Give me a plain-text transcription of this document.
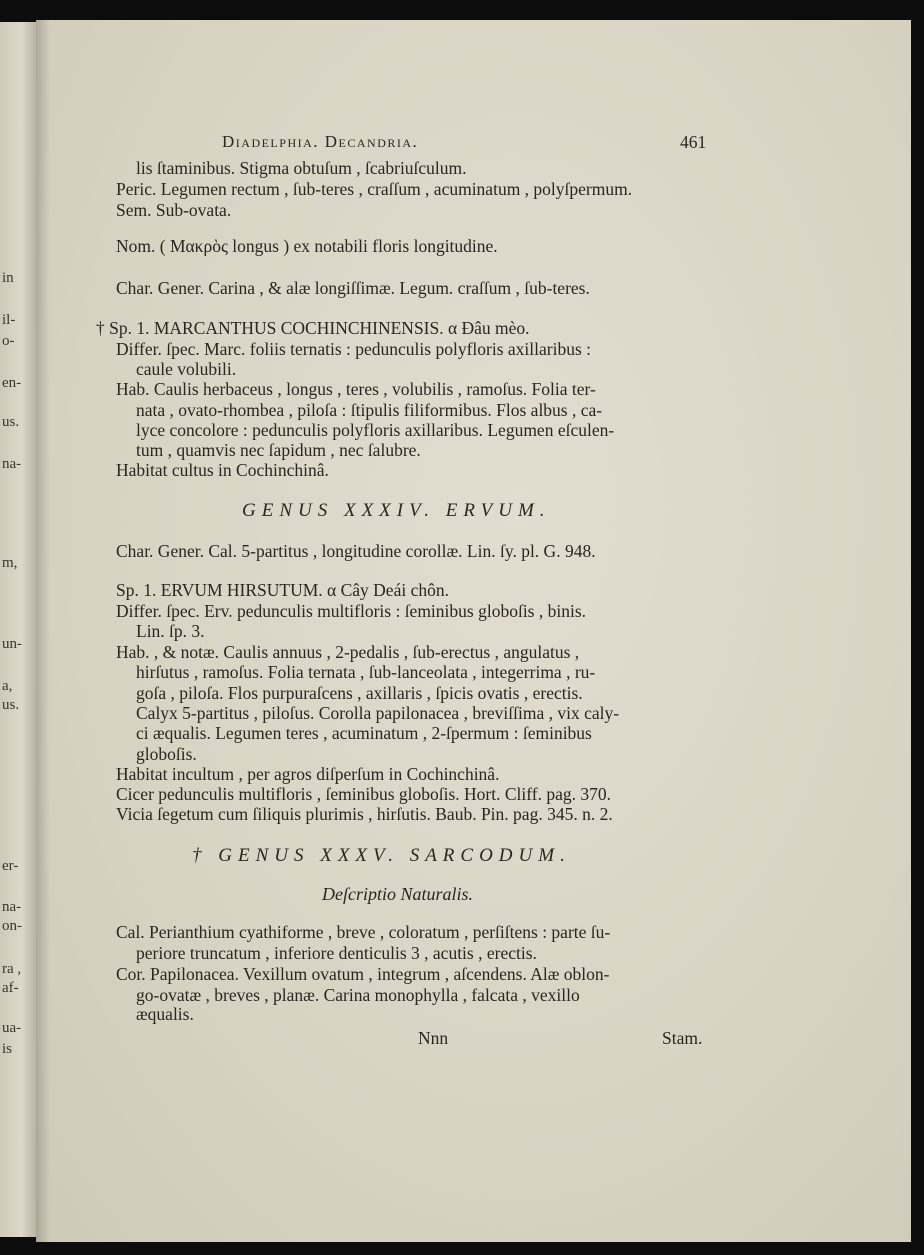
in
il-
o-
en-
us.
na-
m,
un-
a,
us.
er-
na-
on-
ra ,
af-
ua-
is
Diadelphia. Decandria.	461
lis ſtaminibus. Stigma obtuſum , ſcabriuſculum.
Peric. Legumen rectum , ſub-teres , craſſum , acuminatum , polyſpermum.
Sem. Sub-ovata.
Nom. ( Μακρὸς longus ) ex notabili floris longitudine.
Char. Gener. Carina , & alæ longiſſimæ. Legum. craſſum , ſub-teres.
† Sp. 1. MARCANTHUS COCHINCHINENSIS. α Đâu mèo.
Differ. ſpec. Marc. foliis ternatis : pedunculis polyfloris axillaribus :
caule volubili.
Hab. Caulis herbaceus , longus , teres , volubilis , ramoſus. Folia ter-
nata , ovato-rhombea , piloſa : ſtipulis filiformibus. Flos albus , ca-
lyce concolore : pedunculis polyfloris axillaribus. Legumen eſculen-
tum , quamvis nec ſapidum , nec ſalubre.
Habitat cultus in Cochinchinâ.
GENUS XXXIV. ERVUM.
Char. Gener. Cal. 5-partitus , longitudine corollæ. Lin. ſy. pl. G. 948.
Sp. 1. ERVUM HIRSUTUM. α Cây Deái chôn.
Differ. ſpec. Erv. pedunculis multifloris : ſeminibus globoſis , binis.
Lin. ſp. 3.
Hab. , & notæ. Caulis annuus , 2-pedalis , ſub-erectus , angulatus ,
hirſutus , ramoſus. Folia ternata , ſub-lanceolata , integerrima , ru-
goſa , piloſa. Flos purpuraſcens , axillaris , ſpicis ovatis , erectis.
Calyx 5-partitus , piloſus. Corolla papilonacea , breviſſima , vix caly-
ci æqualis. Legumen teres , acuminatum , 2-ſpermum : ſeminibus
globoſis.
Habitat incultum , per agros diſperſum in Cochinchinâ.
Cicer pedunculis multifloris , ſeminibus globoſis. Hort. Cliff. pag. 370.
Vicia ſegetum cum ſiliquis plurimis , hirſutis. Baub. Pin. pag. 345. n. 2.
† GENUS XXXV. SARCODUM.
Deſcriptio Naturalis.
Cal. Perianthium cyathiforme , breve , coloratum , perſiſtens : parte ſu-
periore truncatum , inferiore denticulis 3 , acutis , erectis.
Cor. Papilonacea. Vexillum ovatum , integrum , aſcendens. Alæ oblon-
go-ovatæ , breves , planæ. Carina monophylla , falcata , vexillo
æqualis.
Nnn	Stam.
